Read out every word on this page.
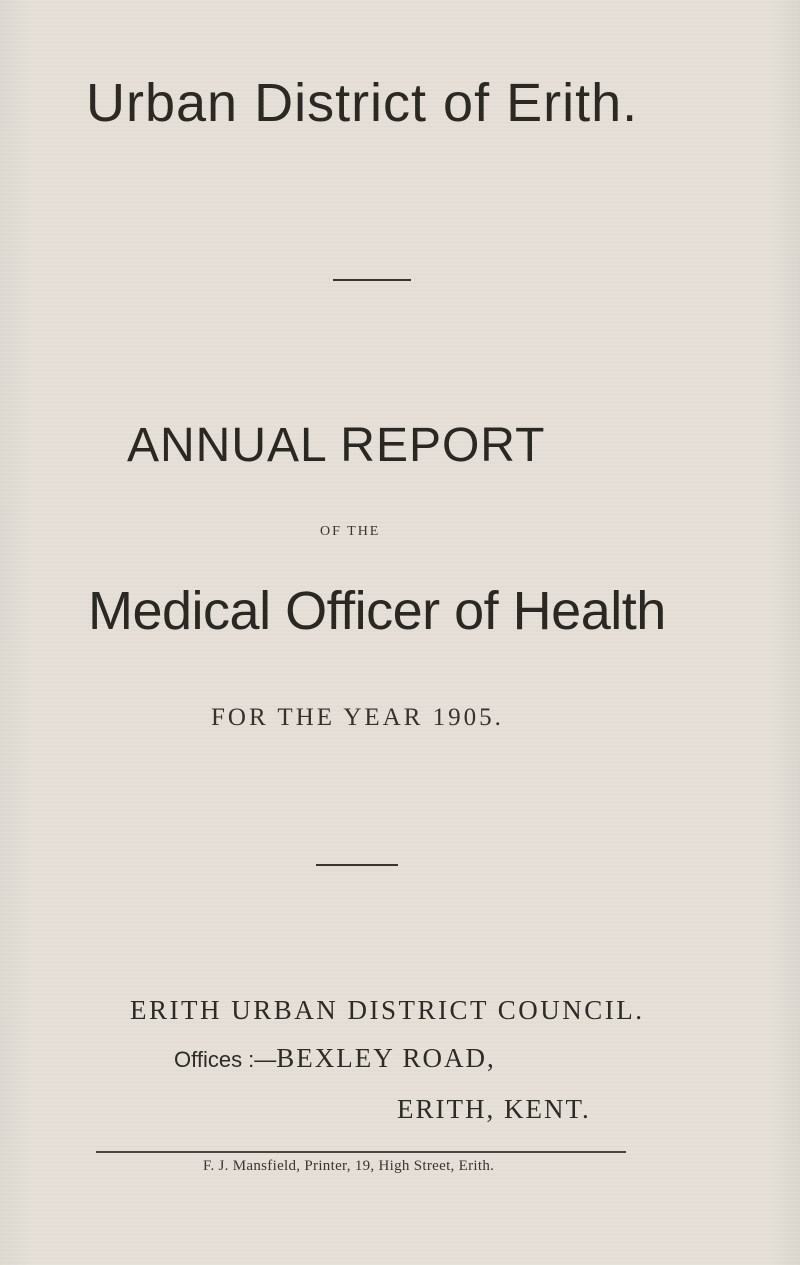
Urban District of Erith.
ANNUAL REPORT
OF THE
Medical Officer of Health
FOR THE YEAR 1905.
ERITH URBAN DISTRICT COUNCIL.
Offices :—BEXLEY ROAD,
ERITH, KENT.
F. J. Mansfield, Printer, 19, High Street, Erith.
